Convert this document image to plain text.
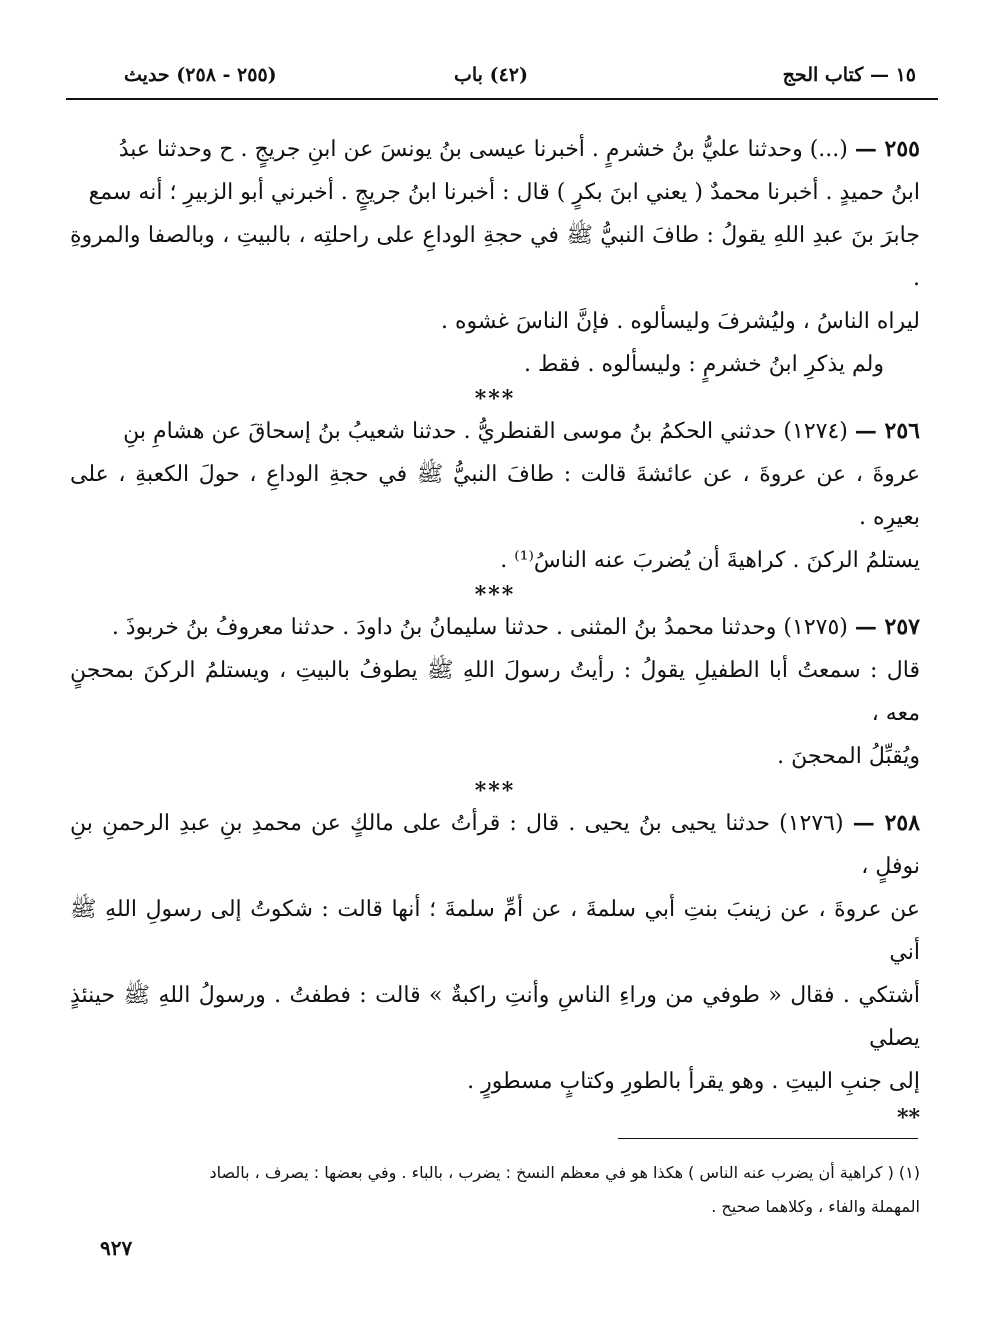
١٥ — كتاب الحج
(٤٢) باب
(٢٥٥ - ٢٥٨) حديث

٢٥٥ — (...) وحدثنا عليُّ بنُ خشرمٍ . أخبرنا عيسى بنُ يونسَ عن ابنِ جريجٍ . ح وحدثنا عبدُ

ابنُ حميدٍ . أخبرنا محمدٌ ( يعني ابنَ بكرٍ ) قال : أخبرنا ابنُ جريجٍ . أخبرني أبو الزبيرِ ؛ أنه سمع

جابرَ بنَ عبدِ اللهِ يقولُ : طافَ النبيُّ ﷺ في حجةِ الوداعِ على راحلتِه ، بالبيتِ ، وبالصفا والمروةِ .

ليراه الناسُ ، وليُشرفَ وليسألوه . فإنَّ الناسَ غشوه .

ولم يذكرِ ابنُ خشرمٍ : وليسألوه . فقط .

***

٢٥٦ — (١٢٧٤) حدثني الحكمُ بنُ موسى القنطريُّ . حدثنا شعيبُ بنُ إسحاقَ عن هشامِ بنِ

عروةَ ، عن عروةَ ، عن عائشةَ قالت : طافَ النبيُّ ﷺ في حجةِ الوداعِ ، حولَ الكعبةِ ، على بعيرِه .

يستلمُ الركنَ . كراهيةَ أن يُضربَ عنه الناسُ⁽¹⁾ .

***

٢٥٧ — (١٢٧٥) وحدثنا محمدُ بنُ المثنى . حدثنا سليمانُ بنُ داودَ . حدثنا معروفُ بنُ خربوذَ .

قال : سمعتُ أبا الطفيلِ يقولُ : رأيتُ رسولَ اللهِ ﷺ يطوفُ بالبيتِ ، ويستلمُ الركنَ بمحجنٍ معه ،

ويُقبِّلُ المحجنَ .

***

٢٥٨ — (١٢٧٦) حدثنا يحيى بنُ يحيى . قال : قرأتُ على مالكٍ عن محمدِ بنِ عبدِ الرحمنِ بنِ نوفلٍ ،

عن عروةَ ، عن زينبَ بنتِ أبي سلمةَ ، عن أمِّ سلمةَ ؛ أنها قالت : شكوتُ إلى رسولِ اللهِ ﷺ أني

أشتكي . فقال « طوفي من وراءِ الناسِ وأنتِ راكبةٌ » قالت : فطفتُ . ورسولُ اللهِ ﷺ حينئذٍ يصلي

إلى جنبِ البيتِ . وهو يقرأ بالطورِ وكتابٍ مسطورٍ .

**

(١) ( كراهية أن يضرب عنه الناس ) هكذا هو في معظم النسخ : يضرب ، بالباء . وفي بعضها : يصرف ، بالصاد

المهملة والفاء ، وكلاهما صحيح .

٩٢٧
